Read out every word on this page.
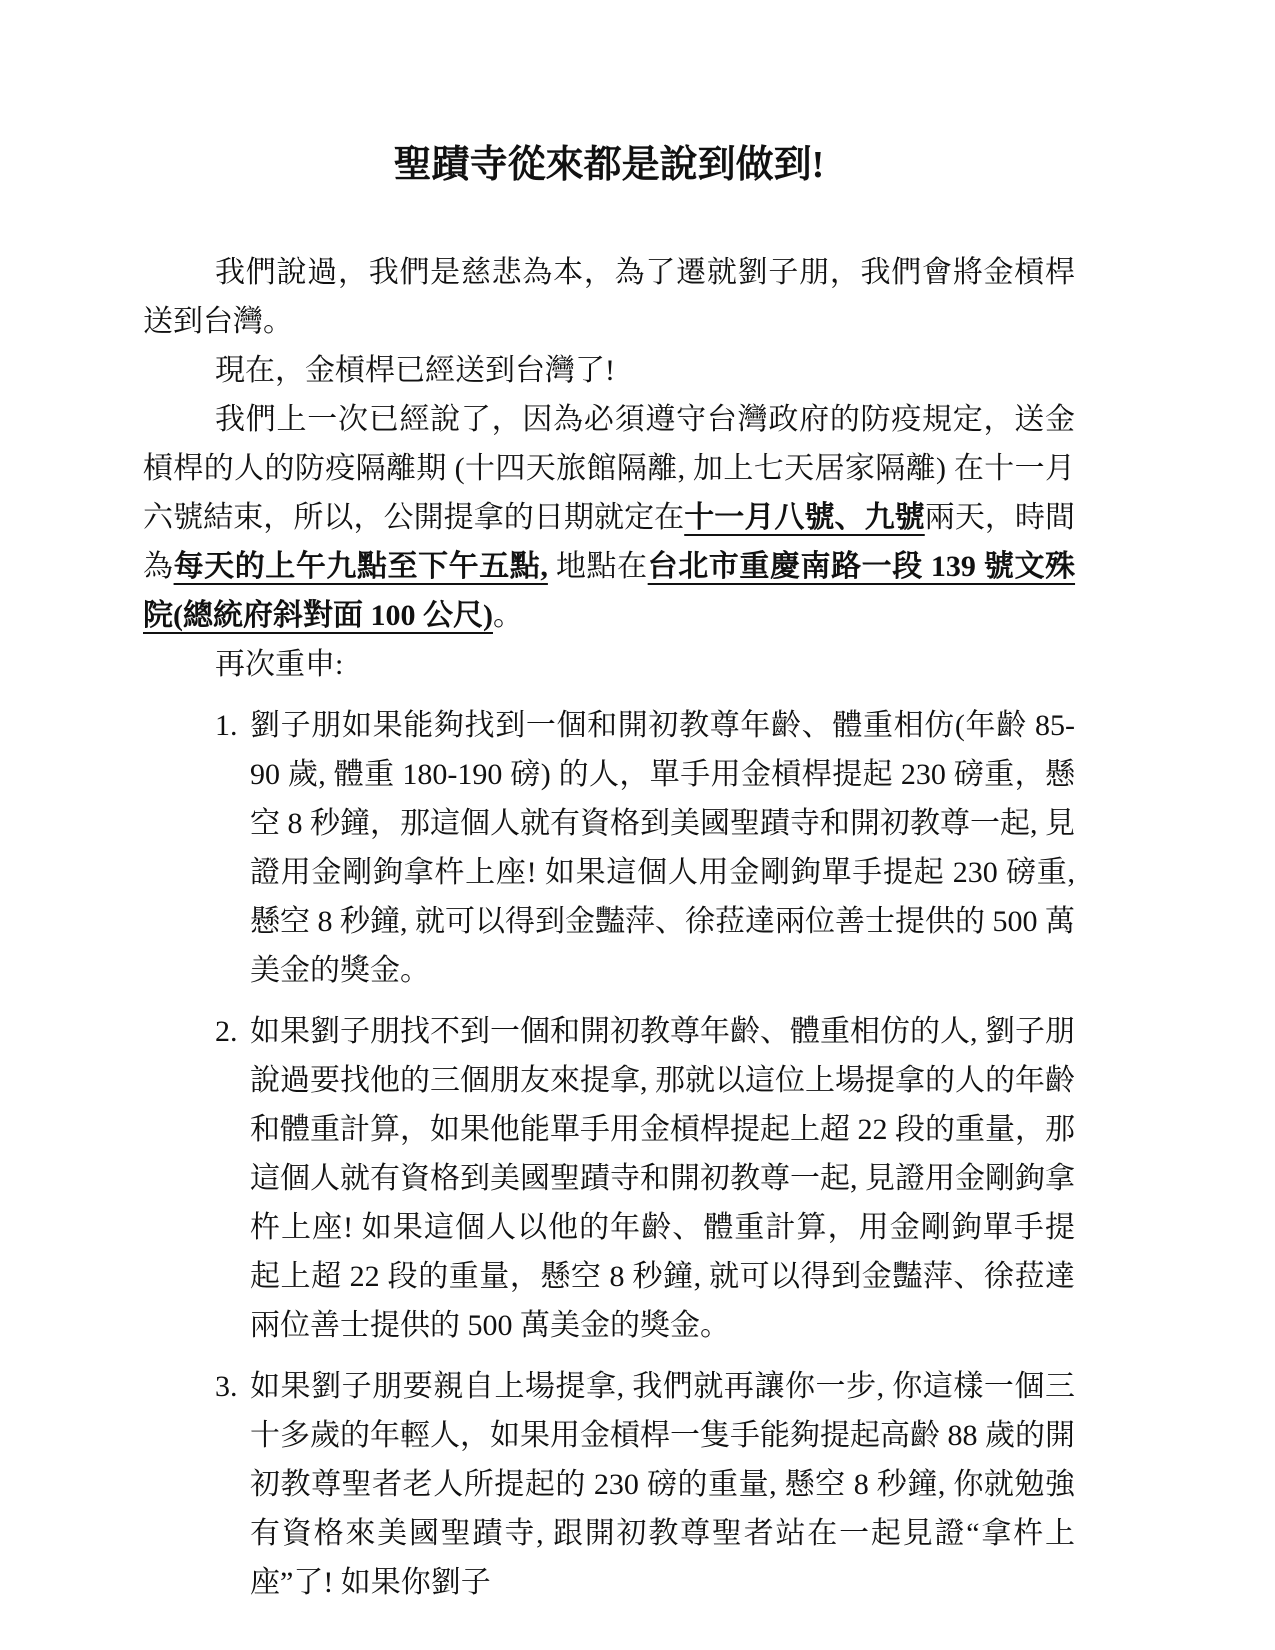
聖蹟寺從來都是說到做到!

我們說過，我們是慈悲為本，為了遷就劉子朋，我們會將金槓桿送到台灣。

現在，金槓桿已經送到台灣了!

我們上一次已經說了，因為必須遵守台灣政府的防疫規定，送金槓桿的人的防疫隔離期 (十四天旅館隔離, 加上七天居家隔離) 在十一月六號結束，所以，公開提拿的日期就定在十一月八號、九號兩天，時間為每天的上午九點至下午五點, 地點在台北市重慶南路一段 139 號文殊院(總統府斜對面 100 公尺)。

再次重申:

1. 劉子朋如果能夠找到一個和開初教尊年齡、體重相仿(年齡 85-90 歲, 體重 180-190 磅) 的人，單手用金槓桿提起 230 磅重，懸空 8 秒鐘，那這個人就有資格到美國聖蹟寺和開初教尊一起, 見證用金剛鉤拿杵上座! 如果這個人用金剛鉤單手提起 230 磅重, 懸空 8 秒鐘, 就可以得到金豔萍、徐菈達兩位善士提供的 500 萬美金的獎金。
2. 如果劉子朋找不到一個和開初教尊年齡、體重相仿的人, 劉子朋說過要找他的三個朋友來提拿, 那就以這位上場提拿的人的年齡和體重計算，如果他能單手用金槓桿提起上超 22 段的重量，那這個人就有資格到美國聖蹟寺和開初教尊一起, 見證用金剛鉤拿杵上座! 如果這個人以他的年齡、體重計算，用金剛鉤單手提起上超 22 段的重量，懸空 8 秒鐘, 就可以得到金豔萍、徐菈達兩位善士提供的 500 萬美金的獎金。
3. 如果劉子朋要親自上場提拿, 我們就再讓你一步, 你這樣一個三十多歲的年輕人，如果用金槓桿一隻手能夠提起高齡 88 歲的開初教尊聖者老人所提起的 230 磅的重量, 懸空 8 秒鐘, 你就勉強有資格來美國聖蹟寺, 跟開初教尊聖者站在一起見證“拿杵上座”了! 如果你劉子
